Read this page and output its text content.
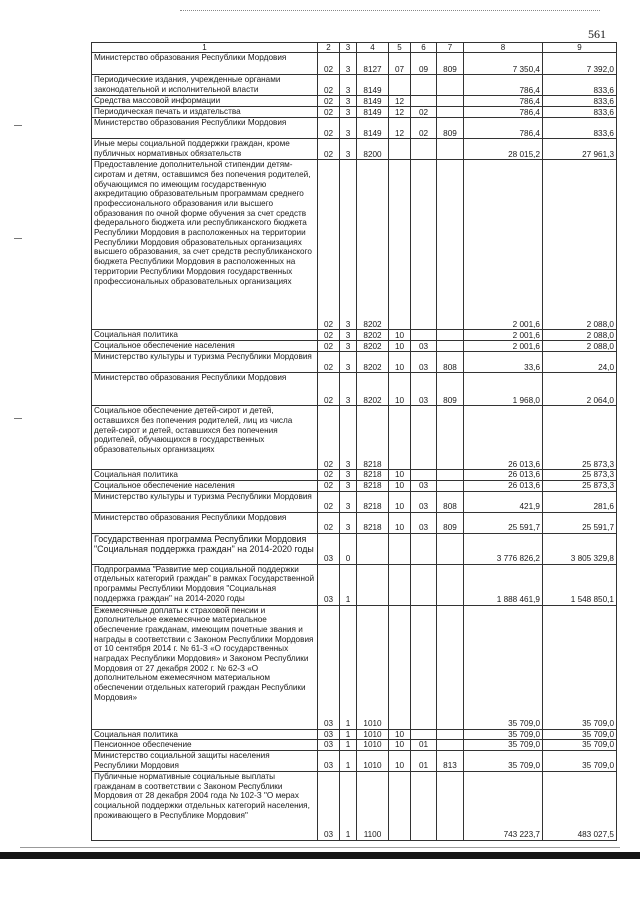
561
1	2	3	4	5	6	7	8	9
Министерство образования Республики Мордовия	02	3	8127	07	09	809	7 350,4	7 392,0
Периодические издания, учрежденные органами законодательной и исполнительной власти	02	3	8149				786,4	833,6
Средства массовой информации	02	3	8149	12			786,4	833,6
Периодическая печать и издательства	02	3	8149	12	02		786,4	833,6
Министерство образования Республики Мордовия	02	3	8149	12	02	809	786,4	833,6
Иные меры социальной поддержки граждан, кроме публичных нормативных обязательств	02	3	8200				28 015,2	27 961,3
Предоставление дополнительной стипендии детям-сиротам и детям, оставшимся без попечения родителей, обучающимся по имеющим государственную аккредитацию образовательным программам среднего профессионального образования или высшего образования по очной форме обучения за счет средств федерального бюджета или республиканского бюджета Республики Мордовия в расположенных на территории Республики Мордовия образовательных организациях высшего образования, за счет средств республиканского бюджета Республики Мордовия в расположенных на территории Республики Мордовия государственных профессиональных образовательных организациях	02	3	8202				2 001,6	2 088,0
Социальная политика	02	3	8202	10			2 001,6	2 088,0
Социальное обеспечение населения	02	3	8202	10	03		2 001,6	2 088,0
Министерство культуры и туризма Республики Мордовия	02	3	8202	10	03	808	33,6	24,0
Министерство образования Республики Мордовия	02	3	8202	10	03	809	1 968,0	2 064,0
Социальное обеспечение детей-сирот и детей, оставшихся без попечения родителей, лиц из числа детей-сирот и детей, оставшихся без попечения родителей, обучающихся в государственных образовательных организациях	02	3	8218				26 013,6	25 873,3
Социальная политика	02	3	8218	10			26 013,6	25 873,3
Социальное обеспечение населения	02	3	8218	10	03		26 013,6	25 873,3
Министерство культуры и туризма Республики Мордовия	02	3	8218	10	03	808	421,9	281,6
Министерство образования Республики Мордовия	02	3	8218	10	03	809	25 591,7	25 591,7
Государственная программа Республики Мордовия "Социальная поддержка граждан" на 2014-2020 годы	03	0					3 776 826,2	3 805 329,8
Подпрограмма "Развитие мер социальной поддержки отдельных категорий граждан" в рамках Государственной программы Республики Мордовия "Социальная поддержка граждан" на 2014-2020 годы	03	1					1 888 461,9	1 548 850,1
Ежемесячные доплаты к страховой пенсии и дополнительное ежемесячное материальное обеспечение гражданам, имеющим почетные звания и награды в соответствии с Законом Республики Мордовия от 10 сентября 2014 г. № 61-З «О государственных наградах Республики Мордовия» и Законом Республики Мордовия от 27 декабря 2002 г. № 62-З «О дополнительном ежемесячном материальном обеспечении отдельных категорий граждан Республики Мордовия»	03	1	1010				35 709,0	35 709,0
Социальная политика	03	1	1010	10			35 709,0	35 709,0
Пенсионное обеспечение	03	1	1010	10	01		35 709,0	35 709,0
Министерство социальной защиты населения Республики Мордовия	03	1	1010	10	01	813	35 709,0	35 709,0
Публичные нормативные социальные выплаты гражданам в соответствии с Законом Республики Мордовия от 28 декабря 2004 года № 102-З "О мерах социальной поддержки отдельных категорий населения, проживающего в Республике Мордовия"	03	1	1100				743 223,7	483 027,5
